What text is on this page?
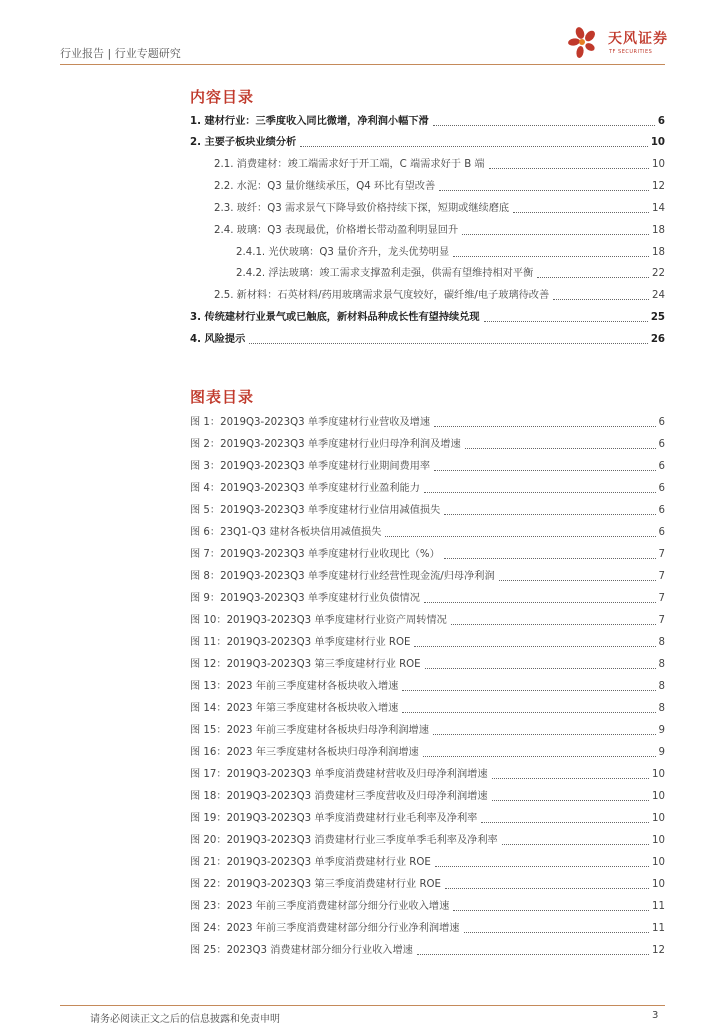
行业报告 | 行业专题研究
天风证券
TF SECURITIES
内容目录
1. 建材行业：三季度收入同比微增，净利润小幅下滑	6
2. 主要子板块业绩分析	10
2.1. 消费建材：竣工端需求好于开工端，C 端需求好于 B 端	10
2.2. 水泥：Q3 量价继续承压，Q4 环比有望改善	12
2.3. 玻纤：Q3 需求景气下降导致价格持续下探，短期或继续磨底	14
2.4. 玻璃：Q3 表现最优，价格增长带动盈利明显回升	18
2.4.1. 光伏玻璃：Q3 量价齐升，龙头优势明显	18
2.4.2. 浮法玻璃：竣工需求支撑盈利走强，供需有望维持相对平衡	22
2.5. 新材料：石英材料/药用玻璃需求景气度较好，碳纤维/电子玻璃待改善	24
3. 传统建材行业景气或已触底，新材料品种成长性有望持续兑现	25
4. 风险提示	26
图表目录
图 1：2019Q3-2023Q3 单季度建材行业营收及增速	6
图 2：2019Q3-2023Q3 单季度建材行业归母净利润及增速	6
图 3：2019Q3-2023Q3 单季度建材行业期间费用率	6
图 4：2019Q3-2023Q3 单季度建材行业盈利能力	6
图 5：2019Q3-2023Q3 单季度建材行业信用减值损失	6
图 6：23Q1-Q3 建材各板块信用减值损失	6
图 7：2019Q3-2023Q3 单季度建材行业收现比（%）	7
图 8：2019Q3-2023Q3 单季度建材行业经营性现金流/归母净利润	7
图 9：2019Q3-2023Q3 单季度建材行业负债情况	7
图 10：2019Q3-2023Q3 单季度建材行业资产周转情况	7
图 11：2019Q3-2023Q3 单季度建材行业 ROE	8
图 12：2019Q3-2023Q3 第三季度建材行业 ROE	8
图 13：2023 年前三季度建材各板块收入增速	8
图 14：2023 年第三季度建材各板块收入增速	8
图 15：2023 年前三季度建材各板块归母净利润增速	9
图 16：2023 年三季度建材各板块归母净利润增速	9
图 17：2019Q3-2023Q3 单季度消费建材营收及归母净利润增速	10
图 18：2019Q3-2023Q3 消费建材三季度营收及归母净利润增速	10
图 19：2019Q3-2023Q3 单季度消费建材行业毛利率及净利率	10
图 20：2019Q3-2023Q3 消费建材行业三季度单季毛利率及净利率	10
图 21：2019Q3-2023Q3 单季度消费建材行业 ROE	10
图 22：2019Q3-2023Q3 第三季度消费建材行业 ROE	10
图 23：2023 年前三季度消费建材部分细分行业收入增速	11
图 24：2023 年前三季度消费建材部分细分行业净利润增速	11
图 25：2023Q3 消费建材部分细分行业收入增速	12
请务必阅读正文之后的信息披露和免责申明	3
